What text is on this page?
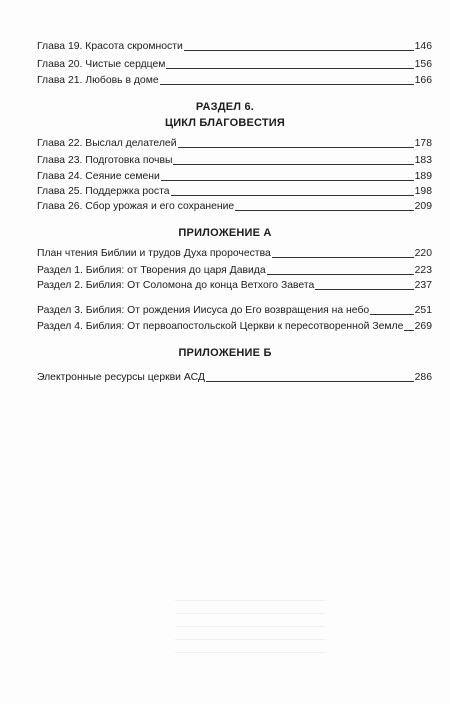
Глава 19. Красота скромности	146
Глава 20. Чистые сердцем	156
Глава 21. Любовь в доме	166
РАЗДЕЛ 6.
ЦИКЛ БЛАГОВЕСТИЯ
Глава 22. Выслал делателей	178
Глава 23. Подготовка почвы	183
Глава 24. Сеяние семени	189
Глава 25. Поддержка роста	198
Глава 26. Сбор урожая и его сохранение	209
ПРИЛОЖЕНИЕ А
План чтения Библии и трудов Духа пророчества	220
Раздел 1. Библия: от Творения до царя Давида	223
Раздел 2. Библия: От Соломона до конца Ветхого Завета	237
Раздел 3. Библия: От рождения Иисуса до Его возвращения на небо	251
Раздел 4. Библия: От первоапостольской Церкви к пересотворенной Земле 269
ПРИЛОЖЕНИЕ Б
Электронные ресурсы церкви АСД	286
